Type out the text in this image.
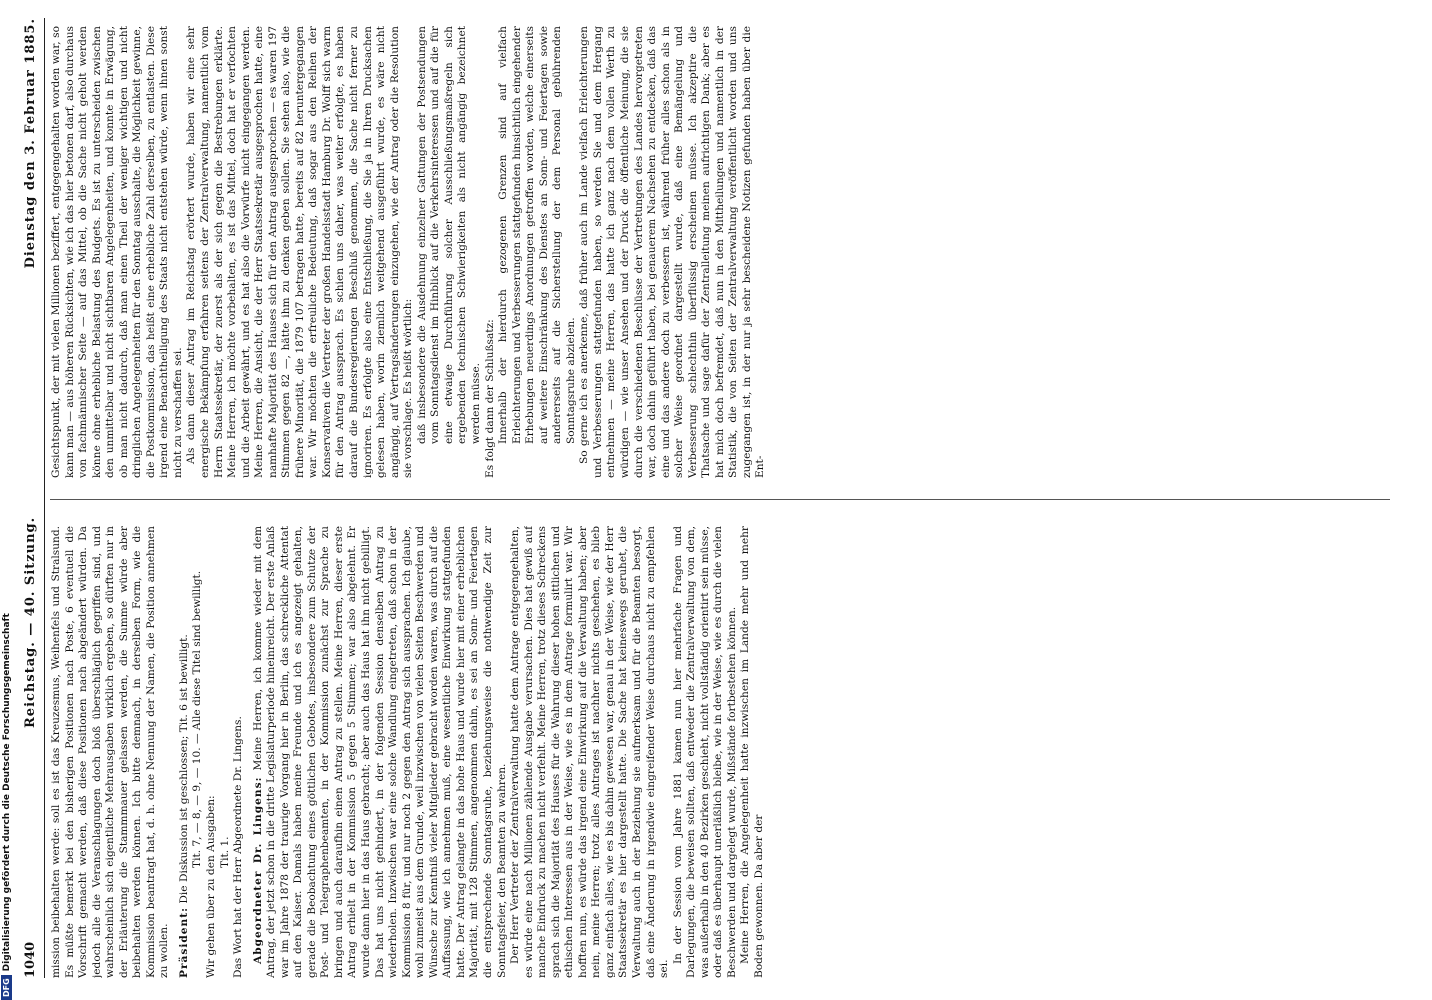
1040
Reichstag. — 40. Sitzung.
Dienstag den 3. Februar 1885.

mission beibehalten werde: soll es ist das Kreuzesmus, Weihenfels und Stralsund. Es müßte bemerkt bei den bisherigen Positionen nach Poste, 6 eventuell die Vorschrift gemacht werden, daß diese Positionen nach abgeändert würden. Da jedoch alle die Veranschlagungen doch bloß überschläglich gegriffen sind, und wahrscheinlich sich eigentliche Mehrausgaben wirklich ergeben, so dürften nur in der Erläuterung die Stammmauer gelassen werden, die Summe würde aber beibehalten werden können. Ich bitte demnach, in derselben Form, wie die Kommission beantragt hat, d. h. ohne Nennung der Namen, die Position annehmen zu wollen. Präsident: Die Diskussion ist geschlossen; Tit. 6 ist bewilligt. Tit. 7, — 8, — 9, — 10. — Alle diese Titel sind bewilligt.

Wir gehen über zu den Ausgaben: Tit. 1. Das Wort hat der Herr Abgeordnete Dr. Lingens. Abgeordneter Dr. Lingens: Meine Herren, ich komme wieder mit dem Antrag, der jetzt schon in die dritte Legislaturperiode hineinreicht. Der erste Anlaß war im Jahre 1878 der traurige Vorgang hier in Berlin, das schreckliche Attentat auf den Kaiser. Damals haben meine Freunde und ich es angezeigt gehalten, gerade die Beobachtung eines göttlichen Gebotes, insbesondere zum Schutze der Post- und Telegraphenbeamten, in der Kommission zunächst zur Sprache zu bringen und auch daraufhin einen Antrag zu stellen. Meine Herren, dieser erste Antrag erhielt in der Kommission 5 gegen 5 Stimmen; war also abgelehnt. Er wurde dann hier in das Haus gebracht; aber auch das Haus hat ihn nicht gebilligt. Das hat uns nicht gehindert, in der folgenden Session denselben Antrag zu wiederholen. Inzwischen war eine solche Wandlung eingetreten, daß schon in der Kommission 8 für, und nur noch 2 gegen den Antrag sich aussprachen. Ich glaube, wohl zumeist aus dem Grunde, weil inzwischen von vielen Seiten Beschwerden und Wünsche zur Kenntniß vieler Mitglieder gebracht worden waren, was durch auf die Auffassung, wie ich annehmen muß, eine wesentliche Einwirkung stattgefunden hatte. Der Antrag gelangte in das hohe Haus und wurde hier mit einer erheblichen Majorität, mit 128 Stimmen, angenommen dahin, es sei an Sonn- und Feiertagen die entsprechende Sonntagsruhe, beziehungsweise die nothwendige Zeit zur Sonntagsfeier, den Beamten zu wahren. Der Herr Vertreter der Zentralverwaltung hatte dem Antrage entgegengehalten, es würde eine nach Millionen zählende Ausgabe verursachen. Dies hat gewiß auf manche Eindruck zu machen nicht verfehlt. Meine Herren, trotz dieses Schreckens sprach sich die Majorität des Hauses für die Wahrung dieser hohen sittlichen und ethischen Interessen aus in der Weise, wie es in dem Antrage formulirt war. Wir hofften nun, es würde das irgend eine Einwirkung auf die Verwaltung haben; aber nein, meine Herren; trotz alles Antrages ist nachher nichts geschehen, es blieb ganz einfach alles, wie es bis dahin gewesen war, genau in der Weise, wie der Herr Staatssekretär es hier dargestellt hatte. Die Sache hat keineswegs geruhet, die Verwaltung auch in der Beziehung sie aufmerksam und für die Beamten besorgt, daß eine Änderung in irgendwie eingreifender Weise durchaus nicht zu empfehlen sei.

In der Session vom Jahre 1881 kamen nun hier mehrfache Fragen und Darlegungen, die beweisen sollten, daß entweder die Zentralverwaltung von dem, was außerhalb in den 40 Bezirken geschieht, nicht vollständig orientirt sein müsse, oder daß es überhaupt unerläßlich bleibe, wie in der Weise, wie es durch die vielen Beschwerden und dargelegt wurde, Mißstände fortbestehen können. Meine Herren, die Angelegenheit hatte inzwischen im Lande mehr und mehr Boden gewonnen. Da aber der

Gesichtspunkt, der mit vielen Millionen beziffert, entgegengehalten worden war, so kann man — aus höheren Rücksichten, wie ich das hier betonen darf, also durchaus von fachmännischer Seite — auf das Mittel, ob die Sache nicht geholt werden könne ohne erhebliche Belastung des Budgets. Es ist zu unterscheiden zwischen den unmittelbar und nicht sichtbaren Angelegenheiten, und konnte in Erwägung, ob man nicht dadurch, daß man einen Theil der weniger wichtigen und nicht dringlichen Angelegenheiten für den Sonntag ausschalte, die Möglichkeit gewinne, die Postkommission, das heißt eine erhebliche Zahl derselben, zu entlasten. Diese irgend eine Benachtheiligung des Staats nicht entstehen würde, wenn ihnen sonst nicht zu verschaffen sei. Als dann dieser Antrag im Reichstag erörtert wurde, haben wir eine sehr energische Bekämpfung erfahren seitens der Zentralverwaltung, namentlich vom Herrn Staatssekretär, der zuerst als der sich gegen die Bestrebungen erklärte. Meine Herren, ich möchte vorbehalten, es ist das Mittel, doch hat er verfochten und die Arbeit gewährt, und es hat also die Vorwürfe nicht eingegangen werden. Meine Herren, die Ansicht, die der Herr Staatssekretär ausgesprochen hatte, eine namhafte Majorität des Hauses sich für den Antrag ausgesprochen — es waren 197 Stimmen gegen 82 —, hätte ihm zu denken geben sollen. Sie sehen also, wie die frühere Minorität, die 1879 107 betragen hatte, bereits auf 82 heruntergegangen war. Wir möchten die erfreuliche Bedeutung, daß sogar aus den Reihen der Konservativen die Vertreter der großen Handelsstadt Hamburg Dr. Wolff sich warm für den Antrag aussprach. Es schien uns daher, was weiter erfolgte, es haben darauf die Bundesregierungen Beschluß genommen, die Sache nicht ferner zu ignoriren. Es erfolgte also eine Entschließung, die Sie ja in Ihren Drucksachen gelesen haben, worin ziemlich weitgehend ausgeführt wurde, es wäre nicht angängig, auf Vertragsänderungen einzugehen, wie der Antrag oder die Resolution sie vorschlage. Es heißt wörtlich: daß insbesondere die Ausdehnung einzelner Gattungen der Postsendungen vom Sonntagsdienst im Hinblick auf die Verkehrsinteressen und auf die für eine etwaige Durchführung solcher Ausschließungsmaßregeln sich ergebenden technischen Schwierigkeiten als nicht angängig bezeichnet werden müsse. Es folgt dann der Schlußsatz: Innerhalb der hierdurch gezogenen Grenzen sind auf vielfach Erleichterungen und Verbesserungen stattgefunden hinsichtlich eingehender Erhebungen neuerdings Anordnungen getroffen worden, welche einerseits auf weitere Einschränkung des Dienstes an Sonn- und Feiertagen sowie andererseits auf die Sicherstellung der dem Personal gebührenden Sonntagsruhe abzielen. So gerne ich es anerkenne, daß früher auch im Lande vielfach Erleichterungen und Verbesserungen stattgefunden haben, so werden Sie und dem Hergang entnehmen — meine Herren, das hatte ich ganz nach dem vollen Werth zu würdigen — wie unser Ansehen und der Druck die öffentliche Meinung, die sie durch die verschiedenen Beschlüsse der Vertretungen des Landes hervorgetreten war, doch dahin geführt haben, bei genauerem Nachsehen zu entdecken, daß das eine und das andere doch zu verbessern ist, während früher alles schon als in solcher Weise geordnet dargestellt wurde, daß eine Bemängelung und Verbesserung schlechthin überflüssig erscheinen müsse. Ich akzeptire die Thatsache und sage dafür der Zentralleitung meinen aufrichtigen Dank; aber es hat mich doch befremdet, daß nun in den Mittheilungen und namentlich in der Statistik, die von Seiten der Zentralverwaltung veröffentlicht worden und uns zugegangen ist, in der nur ja sehr bescheidene Notizen gefunden haben über die Ent-

DFGDigitalisierung gefördert durch die Deutsche Forschungsgemeinschaft
